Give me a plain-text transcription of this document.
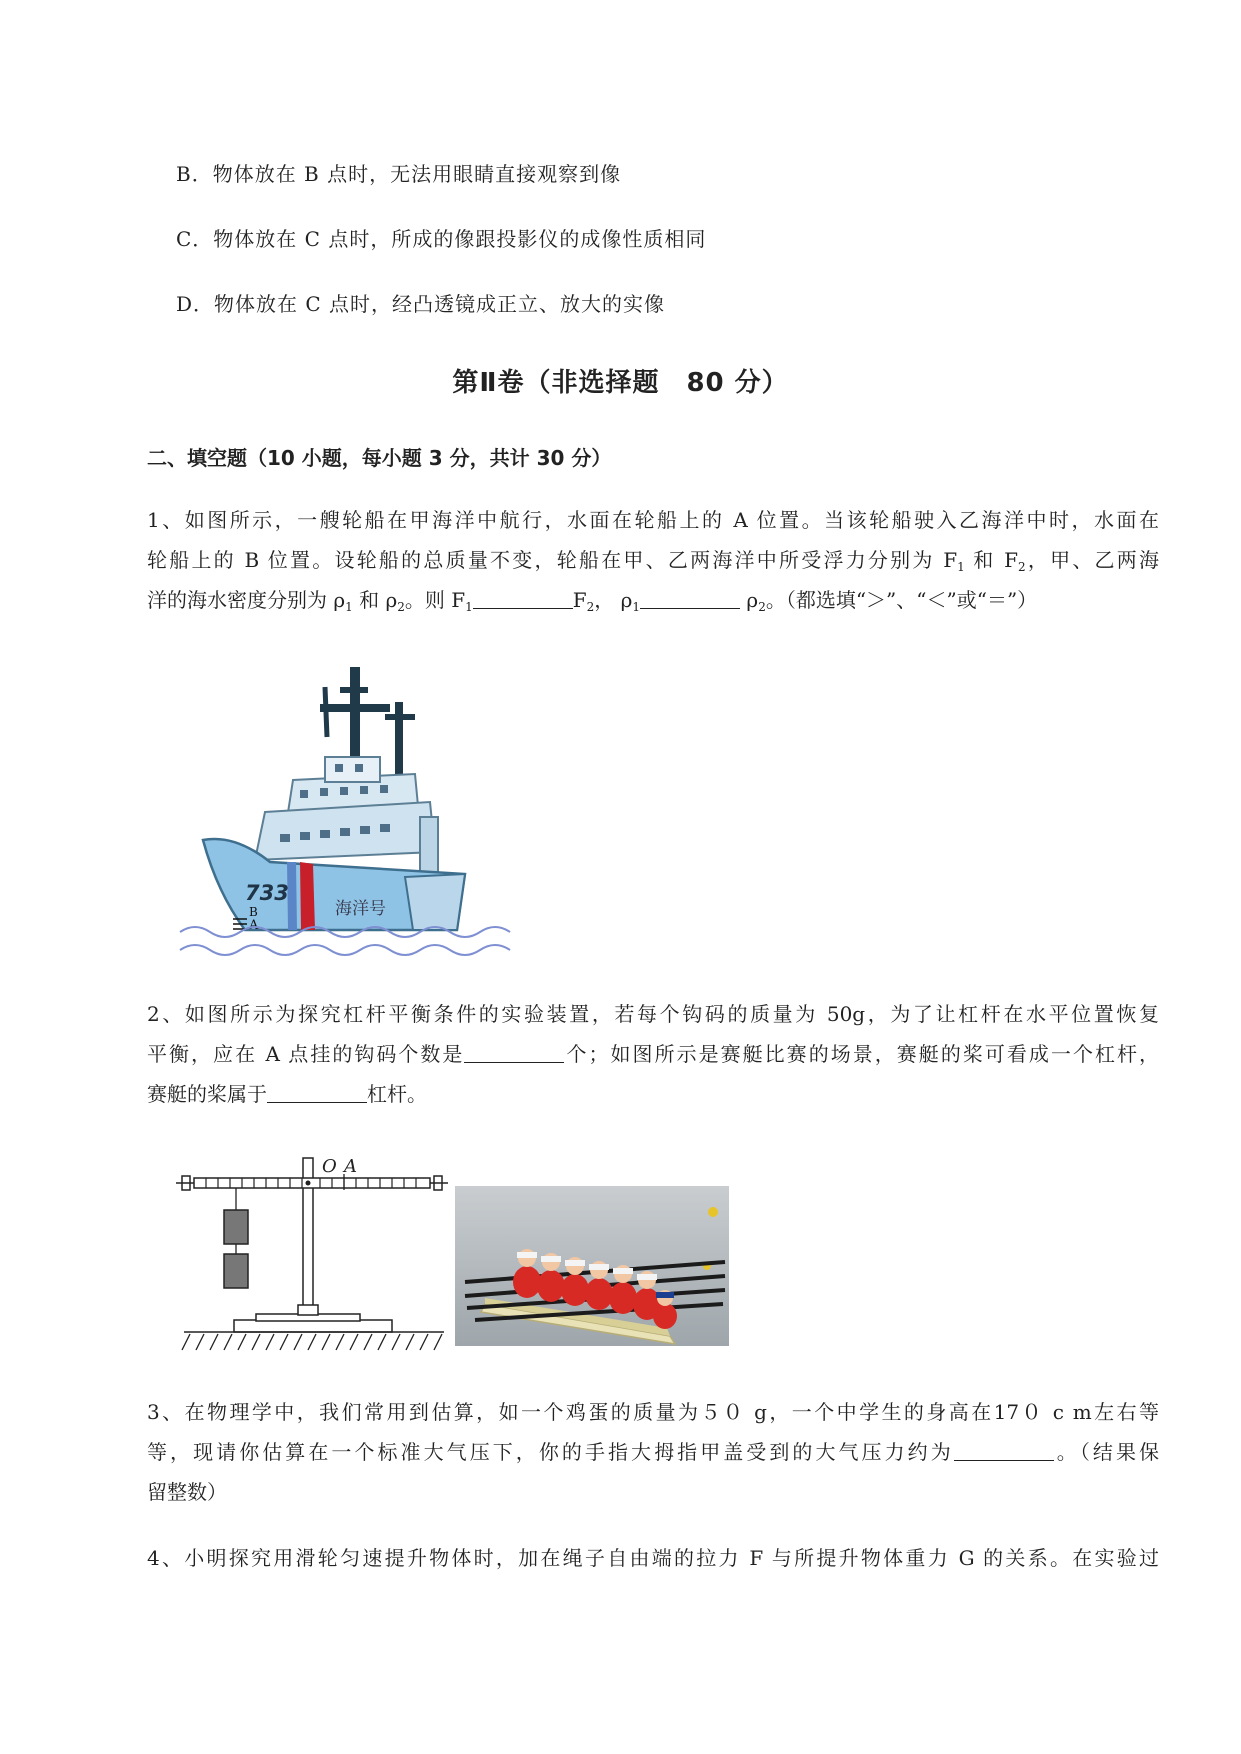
B．物体放在 B 点时，无法用眼睛直接观察到像
C．物体放在 C 点时，所成的像跟投影仪的成像性质相同
D．物体放在 C 点时，经凸透镜成正立、放大的实像
第Ⅱ卷（非选择题　80 分）
二、填空题（10 小题，每小题 3 分，共计 30 分）
1、如图所示，一艘轮船在甲海洋中航行，水面在轮船上的 A 位置。当该轮船驶入乙海洋中时，水面在
轮船上的 B 位置。设轮船的总质量不变，轮船在甲、乙两海洋中所受浮力分别为 $F_1$ 和 $F_2$，甲、乙两海
洋的海水密度分别为 $\rho_1$ 和 $\rho_2$。则 $F_1$	$F_2$， $\rho_1$	$\rho_2$。（都选填“＞”、“＜”或“＝”）
733
海洋号
B
A
2、如图所示为探究杠杆平衡条件的实验装置，若每个钩码的质量为 50g，为了让杠杆在水平位置恢复
平衡，应在 A 点挂的钩码个数是	个；如图所示是赛艇比赛的场景，赛艇的桨可看成一个杠杆，
赛艇的桨属于	杠杆。
O A
3、在物理学中，我们常用到估算，如一个鸡蛋的质量为５０ g，一个中学生的身高在17０ c m左右等
等，现请你估算在一个标准大气压下，你的手指大拇指甲盖受到的大气压力约为	。（结果保
留整数）
4、小明探究用滑轮匀速提升物体时，加在绳子自由端的拉力 F 与所提升物体重力 G 的关系。在实验过
